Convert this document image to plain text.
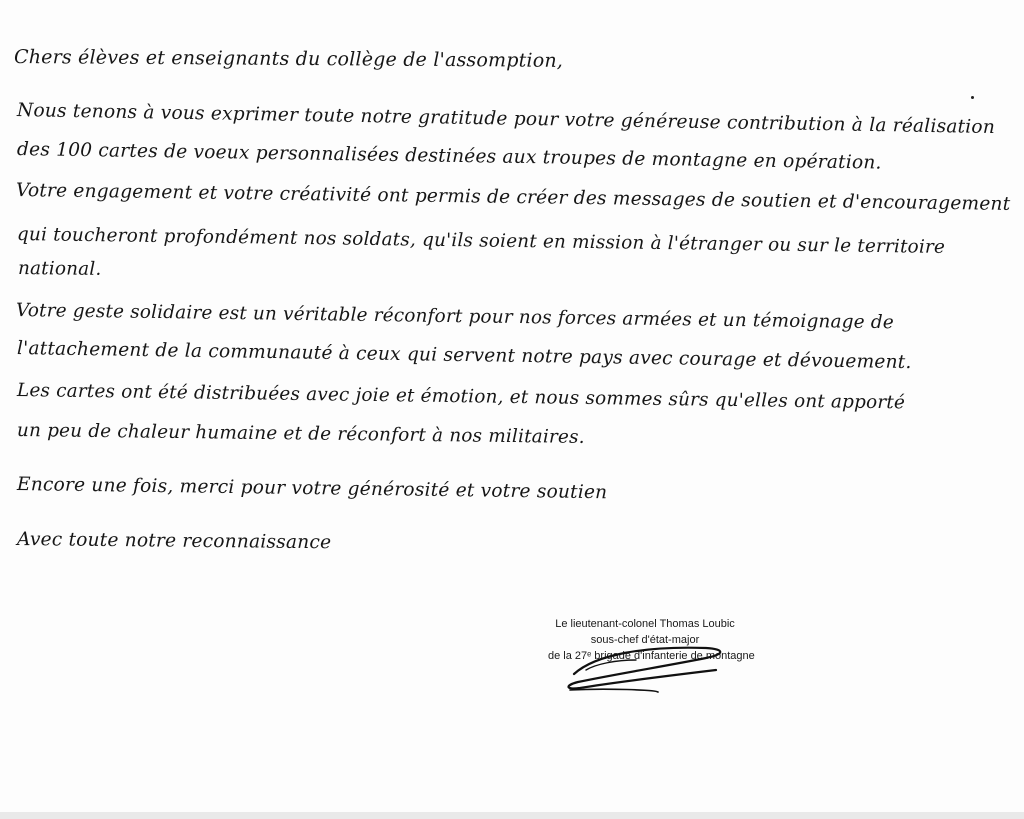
Chers élèves et enseignants du collège de l'assomption,
Nous tenons à vous exprimer toute notre gratitude pour votre généreuse contribution à la réalisation
des 100 cartes de voeux personnalisées destinées aux troupes de montagne en opération.
Votre engagement et votre créativité ont permis de créer des messages de soutien et d'encouragement
qui toucheront profondément nos soldats, qu'ils soient en mission à l'étranger ou sur le territoire
national.
Votre geste solidaire est un véritable réconfort pour nos forces armées et un témoignage de
l'attachement de la communauté à ceux qui servent notre pays avec courage et dévouement.
Les cartes ont été distribuées avec joie et émotion, et nous sommes sûrs qu'elles ont apporté
un peu de chaleur humaine et de réconfort à nos militaires.
Encore une fois, merci pour votre générosité et votre soutien
Avec toute notre reconnaissance
Le lieutenant-colonel Thomas Loubic
sous-chef d'état-major
de la 27ᵉ brigade d'infanterie de montagne
